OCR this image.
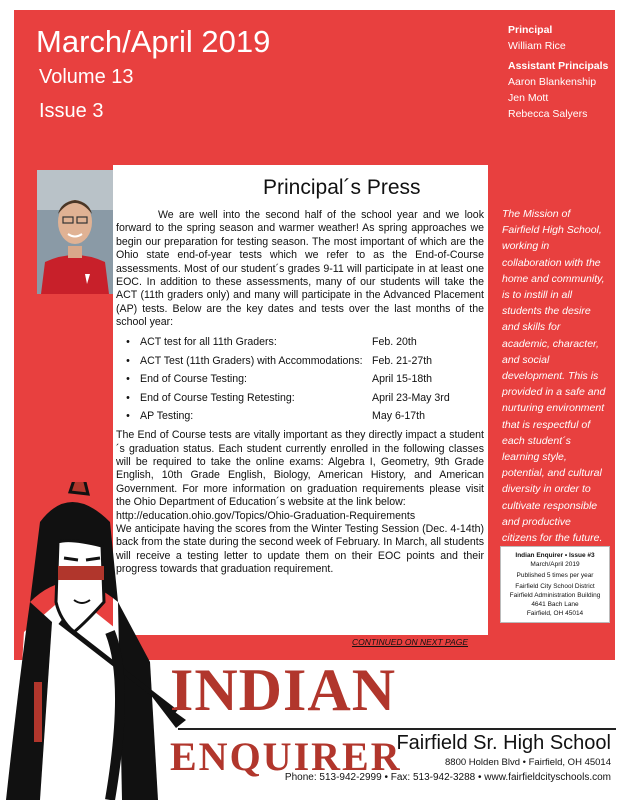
March/April 2019
Volume 13
Issue 3
Principal
William Rice
Assistant Principals
Aaron Blankenship
Jen Mott
Rebecca Salyers
Principal´s Press

We are well into the second half of the school year and we look forward to the spring season and warmer weather! As spring approaches we begin our preparation for testing season. The most important of which are the Ohio state end-of-year tests which we refer to as the End-of-Course assessments. Most of our student´s grades 9-11 will participate in at least one EOC. In addition to these assessments, many of our students will take the ACT (11th graders only) and many will participate in the Advanced Placement (AP) tests. Below are the key dates and tests over the last months of the school year:

• ACT test for all 11th Graders:	Feb. 20th
• ACT Test (11th Graders) with Accommodations: Feb. 21-27th
• End of Course Testing:	April 15-18th
• End of Course Testing Retesting:	April 23-May 3rd
• AP Testing:	May 6-17th

The End of Course tests are vitally important as they directly impact a student´s graduation status. Each student currently enrolled in the following classes will be required to take the online exams: Algebra I, Geometry, 9th Grade English, 10th Grade English, Biology, American History, and American Government. For more information on graduation requirements please visit the Ohio Department of Education´s website at the link below:

http://education.ohio.gov/Topics/Ohio-Graduation-Requirements

We anticipate having the scores from the Winter Testing Session (Dec. 4-14th) back from the state during the second week of February. In March, all students will receive a testing letter to update them on their EOC points and their progress towards that graduation requirement.

CONTINUED ON NEXT PAGE
The Mission of Fairfield High School, working in collaboration with the home and community, is to instill in all students the desire and skills for academic, character, and social development. This is provided in a safe and nurturing environment that is respectful of each student´s learning style, potential, and cultural diversity in order to cultivate responsible and productive citizens for the future.
Indian Enquirer • Issue #3
March/April 2019
Published 5 times per year
Fairfield City School District
Fairfield Administration Building
4641 Bach Lane
Fairfield, OH 45014
INDIAN ENQUIRER
Fairfield Sr. High School
8800 Holden Blvd • Fairfield, OH 45014
Phone: 513-942-2999 • Fax: 513-942-3288 • www.fairfieldcityschools.com
